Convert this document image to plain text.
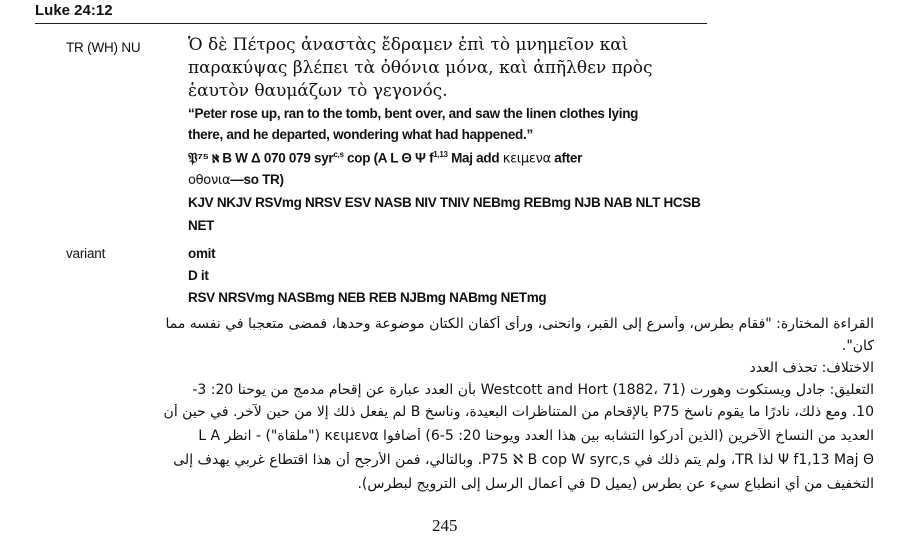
Luke 24:12
TR (WH) NU	Ὁ δὲ Πέτρος ἀναστὰς ἔδραμεν ἐπὶ τὸ μνημεῖον καὶ
παρακύψας βλέπει τὰ ὀθόνια μόνα, καὶ ἀπῆλθεν πρὸς
ἑαυτὸν θαυμάζων τὸ γεγονός.
“Peter rose up, ran to the tomb, bent over, and saw the linen clothes lying
there, and he departed, wondering what had happened.”
𝔓⁷⁵ ℵ B W Δ 070 079 syr$^{c,s}$ cop (A L Θ Ψ $f^{1,13}$ Maj add κειμενα after
οθονια—so TR)
KJV NKJV RSVmg NRSV ESV NASB NIV TNIV NEBmg REBmg NJB NAB NLT HCSB
NET
variant	omit
D it
RSV NRSVmg NASBmg NEB REB NJBmg NABmg NETmg
القراءة المختارة: "فقام بطرس، وأسرع إلى القبر، وانحنى، ورأى أكفان الكتان موضوعة وحدها، فمضى متعجبا في نفسه مما
كان".
الاختلاف: تحذف العدد
التعليق: جادل ويستكوت وهورت Westcott and Hort (1882، 71) بأن العدد عبارة عن إقحام مدمج من يوحنا 20: 3-
10. ومع ذلك، نادرًا ما يقوم ناسخ P75 بالإقحام من المتناظرات البعيدة، وناسخ B لم يفعل ذلك إلا من حين لآخر. في حين أن
العديد من النساخ الآخرين (الذين أدركوا التشابه بين هذا العدد ويوحنا 20: 5-6) أضافوا κειμενα ("ملقاة") - انظر L A
Ψ f1,13 Maj Θ لذا TR، ولم يتم ذلك في P75 ℵ B cop W syrc,s. وبالتالي، فمن الأرجح أن هذا اقتطاع غربي يهدف إلى
التخفيف من أي انطباع سيء عن بطرس (يميل D في أعمال الرسل إلى الترويج لبطرس).
245
